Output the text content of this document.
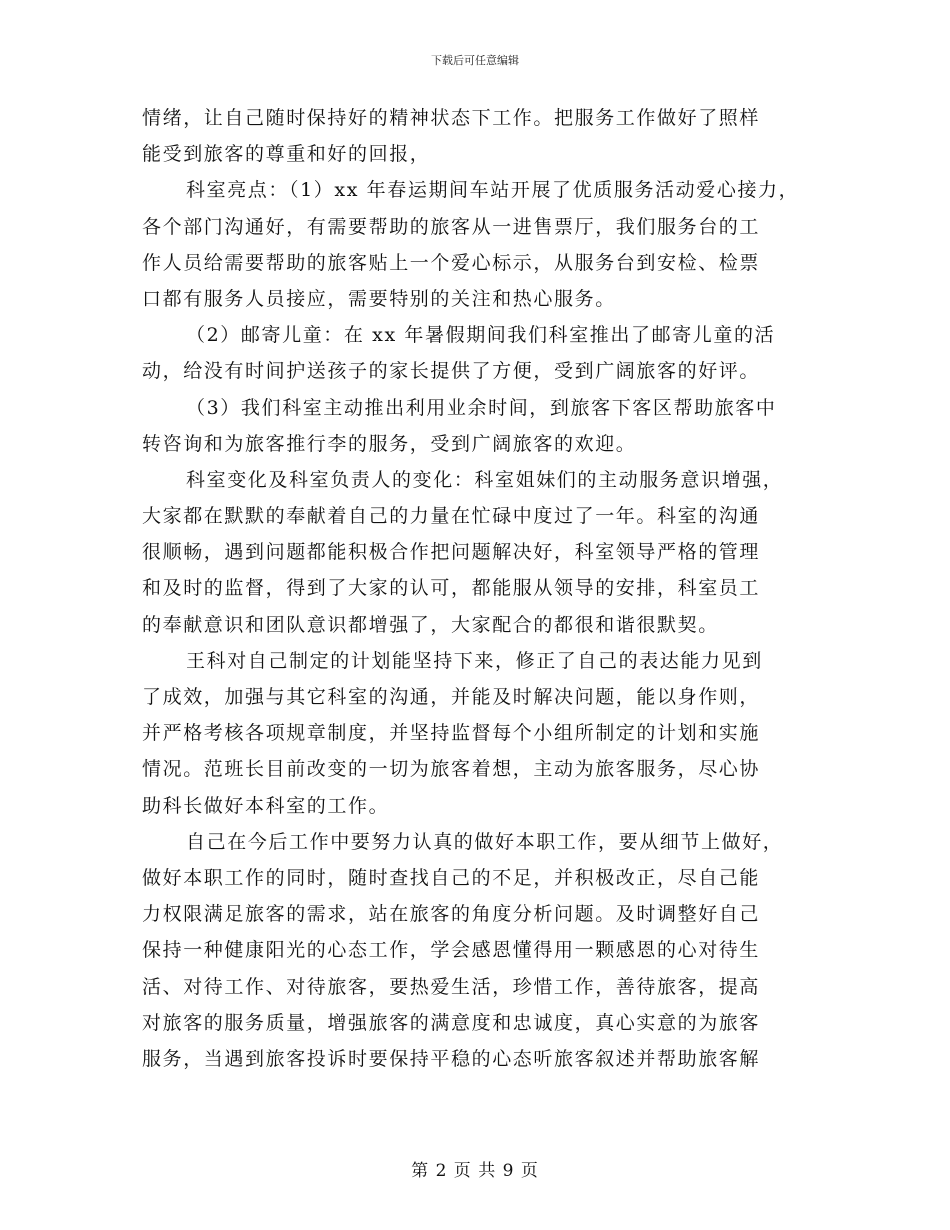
下载后可任意编辑
情绪，让自己随时保持好的精神状态下工作。把服务工作做好了照样
能受到旅客的尊重和好的回报，
科室亮点：（1）xx 年春运期间车站开展了优质服务活动爱心接力，
各个部门沟通好，有需要帮助的旅客从一进售票厅，我们服务台的工
作人员给需要帮助的旅客贴上一个爱心标示，从服务台到安检、检票
口都有服务人员接应，需要特别的关注和热心服务。
（2）邮寄儿童：在 xx 年暑假期间我们科室推出了邮寄儿童的活
动，给没有时间护送孩子的家长提供了方便，受到广阔旅客的好评。
（3）我们科室主动推出利用业余时间，到旅客下客区帮助旅客中
转咨询和为旅客推行李的服务，受到广阔旅客的欢迎。
科室变化及科室负责人的变化：科室姐妹们的主动服务意识增强，
大家都在默默的奉献着自己的力量在忙碌中度过了一年。科室的沟通
很顺畅，遇到问题都能积极合作把问题解决好，科室领导严格的管理
和及时的监督，得到了大家的认可，都能服从领导的安排，科室员工
的奉献意识和团队意识都增强了，大家配合的都很和谐很默契。
王科对自己制定的计划能坚持下来，修正了自己的表达能力见到
了成效，加强与其它科室的沟通，并能及时解决问题，能以身作则，
并严格考核各项规章制度，并坚持监督每个小组所制定的计划和实施
情况。范班长目前改变的一切为旅客着想，主动为旅客服务，尽心协
助科长做好本科室的工作。
自己在今后工作中要努力认真的做好本职工作，要从细节上做好，
做好本职工作的同时，随时查找自己的不足，并积极改正，尽自己能
力权限满足旅客的需求，站在旅客的角度分析问题。及时调整好自己
保持一种健康阳光的心态工作，学会感恩懂得用一颗感恩的心对待生
活、对待工作、对待旅客，要热爱生活，珍惜工作，善待旅客，提高
对旅客的服务质量，增强旅客的满意度和忠诚度，真心实意的为旅客
服务，当遇到旅客投诉时要保持平稳的心态听旅客叙述并帮助旅客解
第 2 页 共 9 页
